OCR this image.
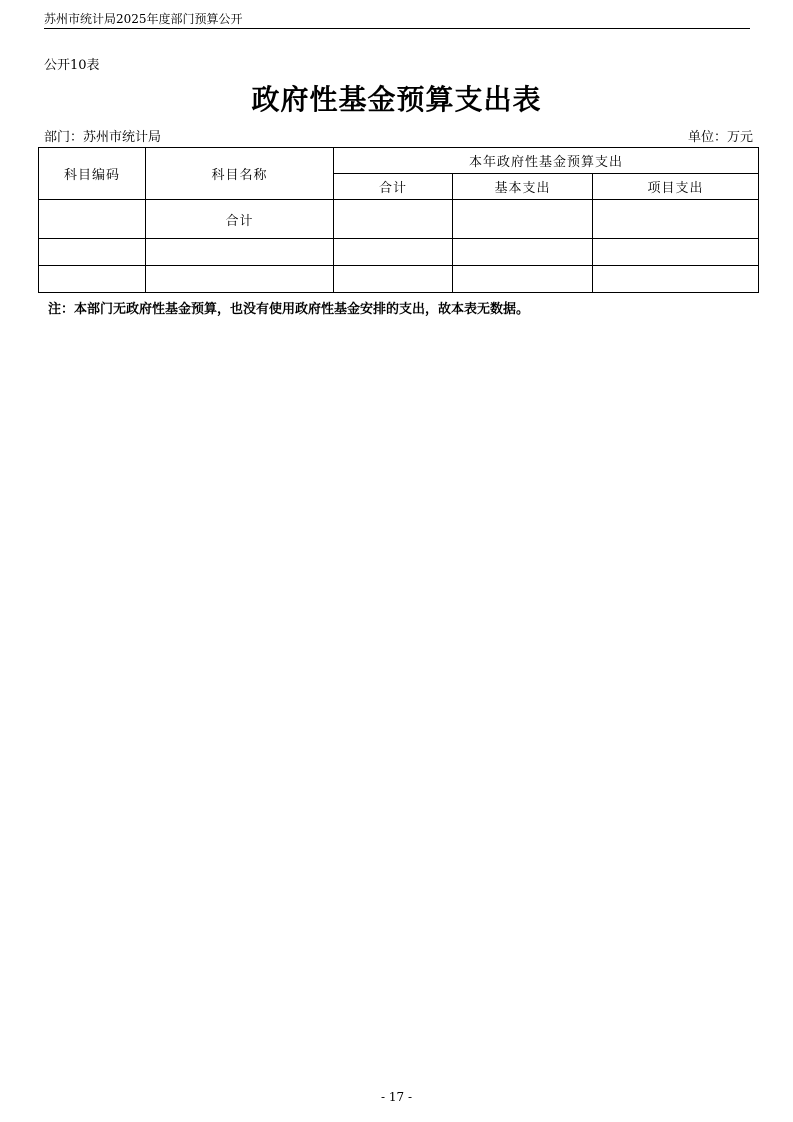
苏州市统计局2025年度部门预算公开
公开10表
政府性基金预算支出表
部门：苏州市统计局	单位：万元
科目编码	科目名称	本年政府性基金预算支出		
		合计	基本支出	项目支出
	合计			

注：本部门无政府性基金预算，也没有使用政府性基金安排的支出，故本表无数据。
- 17 -
